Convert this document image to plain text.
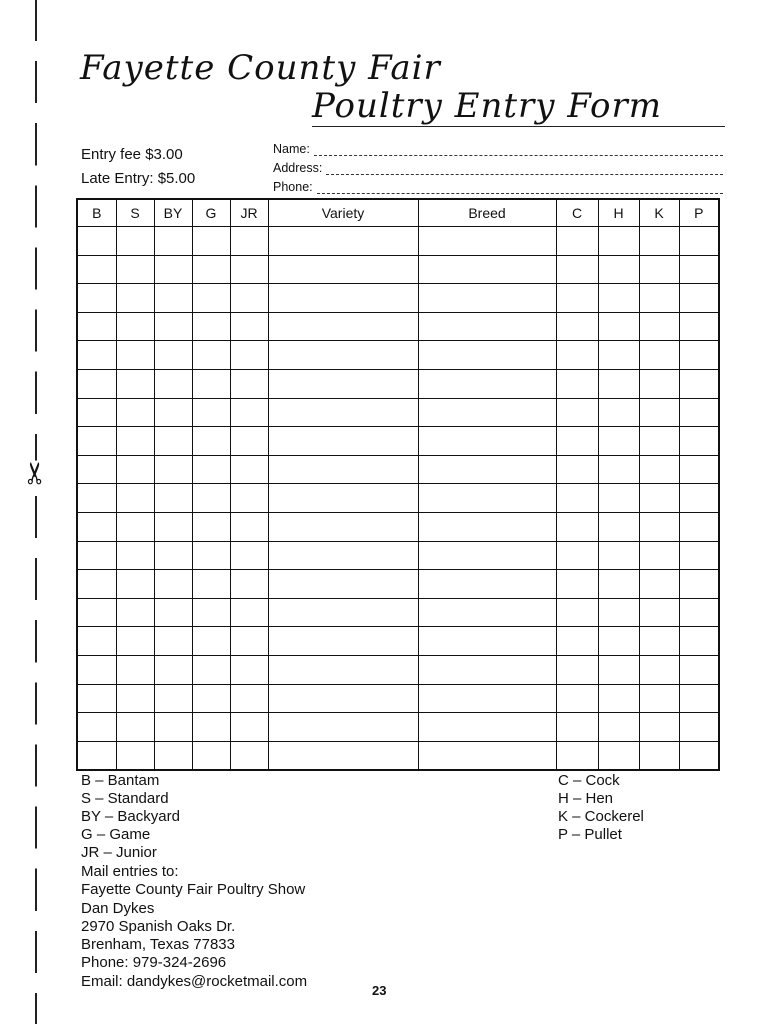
✂
Fayette County Fair
Poultry Entry Form
Entry fee $3.00
Late Entry: $5.00
Name:
Address:
Phone:
B	S	BY	G	JR	Variety	Breed	C	H	K	P

B – Bantam
S – Standard
BY – Backyard
G – Game
JR – Junior
C – Cock
H – Hen
K – Cockerel
P – Pullet
Mail entries to:
Fayette County Fair Poultry Show
Dan Dykes
2970 Spanish Oaks Dr.
Brenham, Texas 77833
Phone: 979-324-2696
Email: dandykes@rocketmail.com
23
